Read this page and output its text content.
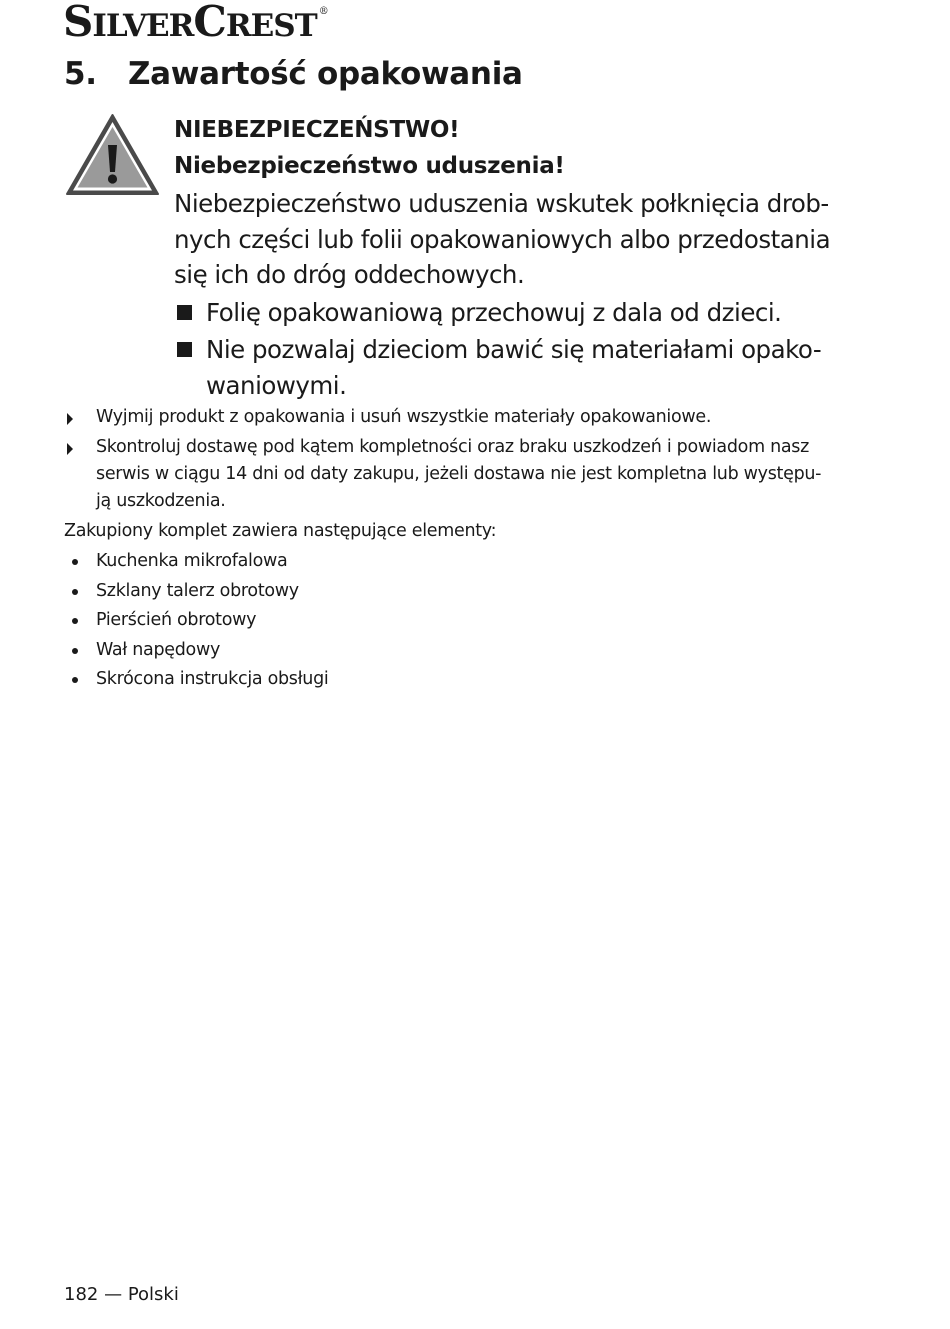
SILVERCREST ®
5. Zawartość opakowania
NIEBEZPIECZEŃSTWO!
Niebezpieczeństwo uduszenia!
Niebezpieczeństwo uduszenia wskutek połknięcia drob-
nych części lub folii opakowaniowych albo przedostania
się ich do dróg oddechowych.
Folię opakowaniową przechowuj z dala od dzieci.
Nie pozwalaj dzieciom bawić się materiałami opako-
waniowymi.
Wyjmij produkt z opakowania i usuń wszystkie materiały opakowaniowe.
Skontroluj dostawę pod kątem kompletności oraz braku uszkodzeń i powiadom nasz
serwis w ciągu 14 dni od daty zakupu, jeżeli dostawa nie jest kompletna lub występu-
ją uszkodzenia.
Zakupiony komplet zawiera następujące elementy:
Kuchenka mikrofalowa
Szklany talerz obrotowy
Pierścień obrotowy
Wał napędowy
Skrócona instrukcja obsługi
182 — Polski
